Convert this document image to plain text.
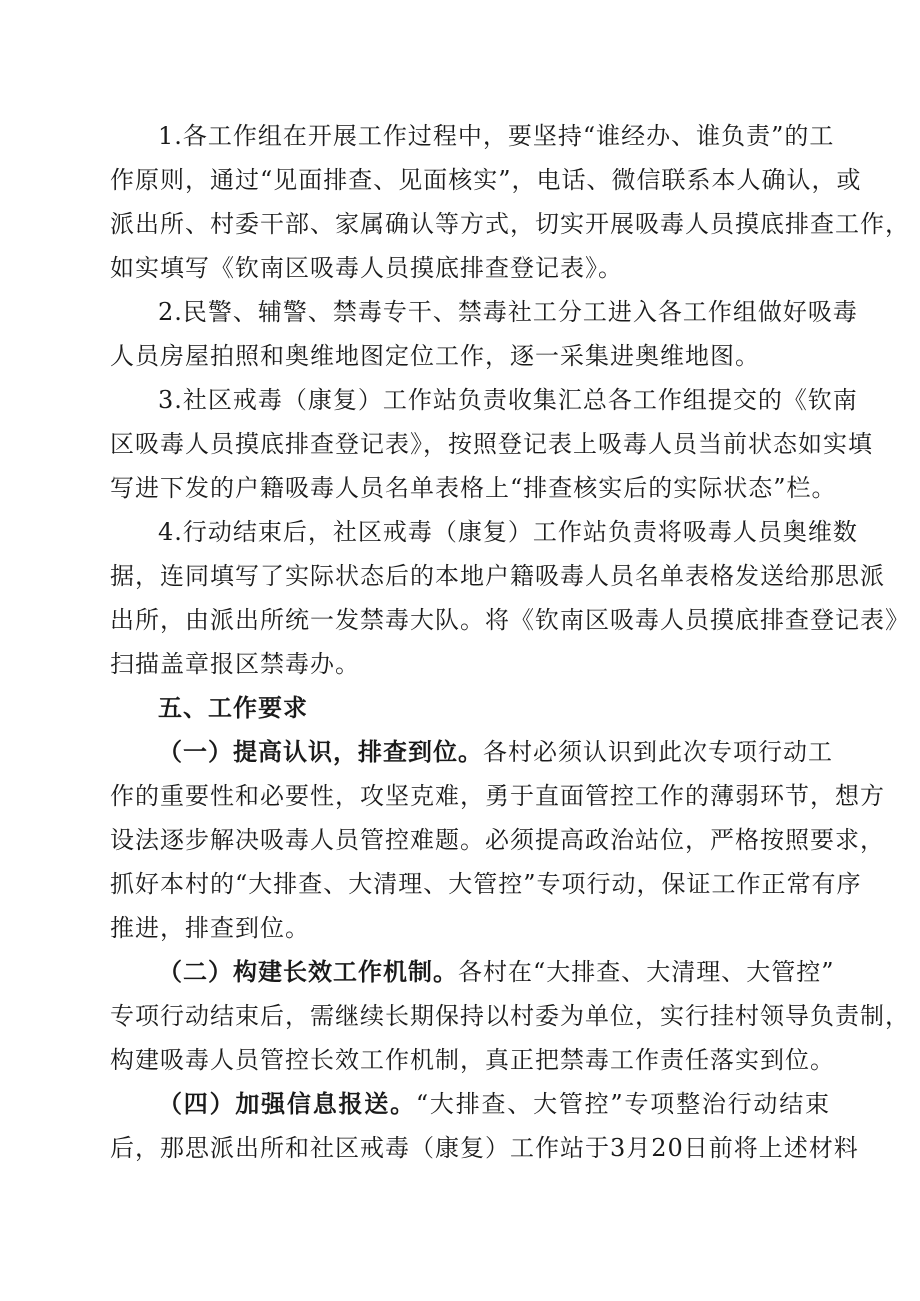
1.各工作组在开展工作过程中，要坚持“谁经办、谁负责”的工
作原则，通过“见面排查、见面核实”，电话、微信联系本人确认，或
派出所、村委干部、家属确认等方式，切实开展吸毒人员摸底排查工作，
如实填写《钦南区吸毒人员摸底排查登记表》。
2.民警、辅警、禁毒专干、禁毒社工分工进入各工作组做好吸毒
人员房屋拍照和奥维地图定位工作，逐一采集进奥维地图。
3.社区戒毒（康复）工作站负责收集汇总各工作组提交的《钦南
区吸毒人员摸底排查登记表》，按照登记表上吸毒人员当前状态如实填
写进下发的户籍吸毒人员名单表格上“排查核实后的实际状态”栏。
4.行动结束后，社区戒毒（康复）工作站负责将吸毒人员奥维数
据，连同填写了实际状态后的本地户籍吸毒人员名单表格发送给那思派
出所，由派出所统一发禁毒大队。将《钦南区吸毒人员摸底排查登记表》
扫描盖章报区禁毒办。
五、工作要求
（一）提高认识，排查到位。各村必须认识到此次专项行动工
作的重要性和必要性，攻坚克难，勇于直面管控工作的薄弱环节，想方
设法逐步解决吸毒人员管控难题。必须提高政治站位，严格按照要求，
抓好本村的“大排查、大清理、大管控”专项行动，保证工作正常有序
推进，排查到位。
（二）构建长效工作机制。各村在“大排查、大清理、大管控”
专项行动结束后，需继续长期保持以村委为单位，实行挂村领导负责制，
构建吸毒人员管控长效工作机制，真正把禁毒工作责任落实到位。
（四）加强信息报送。“大排查、大管控”专项整治行动结束
后，那思派出所和社区戒毒（康复）工作站于3月20日前将上述材料
